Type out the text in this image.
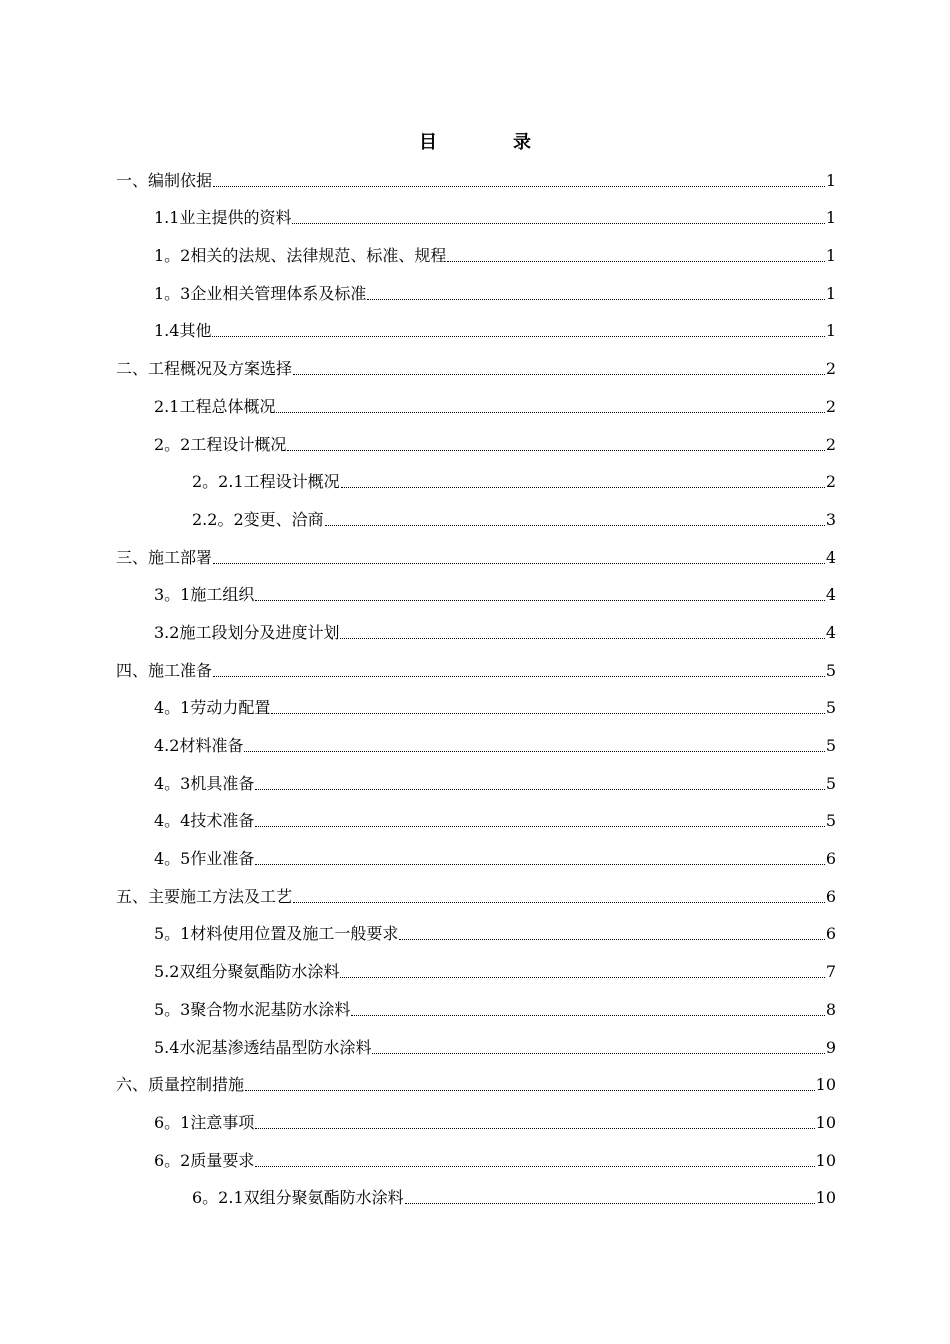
目	录
一、编制依据	1
1.1业主提供的资料	1
1。2相关的法规、法律规范、标准、规程	1
1。3企业相关管理体系及标准	1
1.4其他	1
二、工程概况及方案选择	2
2.1工程总体概况	2
2。2工程设计概况	2
2。2.1工程设计概况	2
2.2。2变更、洽商	3
三、施工部署	4
3。1施工组织	4
3.2施工段划分及进度计划	4
四、施工准备	5
4。1劳动力配置	5
4.2材料准备	5
4。3机具准备	5
4。4技术准备	5
4。5作业准备	6
五、主要施工方法及工艺	6
5。1材料使用位置及施工一般要求	6
5.2双组分聚氨酯防水涂料	7
5。3聚合物水泥基防水涂料	8
5.4水泥基渗透结晶型防水涂料	9
六、质量控制措施	10
6。1注意事项	10
6。2质量要求	10
6。2.1双组分聚氨酯防水涂料	10
